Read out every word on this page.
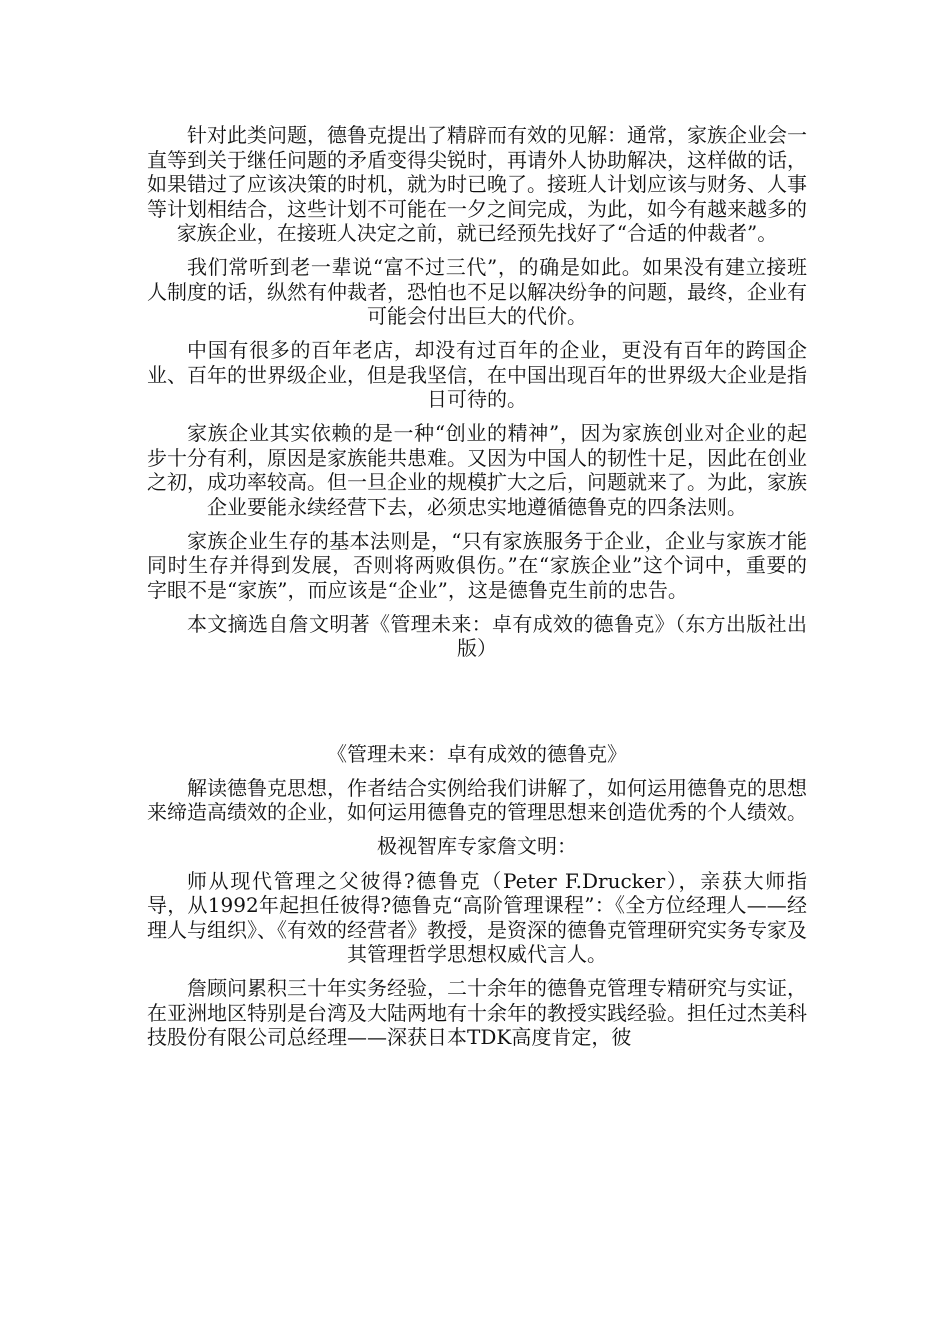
针对此类问题，德鲁克提出了精辟而有效的见解：通常，家族企业会一直等到关于继任问题的矛盾变得尖锐时，再请外人协助解决，这样做的话，如果错过了应该决策的时机，就为时已晚了。接班人计划应该与财务、人事等计划相结合，这些计划不可能在一夕之间完成，为此，如今有越来越多的家族企业，在接班人决定之前，就已经预先找好了“合适的仲裁者”。

我们常听到老一辈说“富不过三代”，的确是如此。如果没有建立接班人制度的话，纵然有仲裁者，恐怕也不足以解决纷争的问题，最终，企业有可能会付出巨大的代价。

中国有很多的百年老店，却没有过百年的企业，更没有百年的跨国企业、百年的世界级企业，但是我坚信，在中国出现百年的世界级大企业是指日可待的。

家族企业其实依赖的是一种“创业的精神”，因为家族创业对企业的起步十分有利，原因是家族能共患难。又因为中国人的韧性十足，因此在创业之初，成功率较高。但一旦企业的规模扩大之后，问题就来了。为此，家族企业要能永续经营下去，必须忠实地遵循德鲁克的四条法则。

家族企业生存的基本法则是，“只有家族服务于企业，企业与家族才能同时生存并得到发展，否则将两败俱伤。”在“家族企业”这个词中，重要的字眼不是“家族”，而应该是“企业”，这是德鲁克生前的忠告。

本文摘选自詹文明著《管理未来：卓有成效的德鲁克》（东方出版社出版）

《管理未来：卓有成效的德鲁克》

解读德鲁克思想，作者结合实例给我们讲解了，如何运用德鲁克的思想来缔造高绩效的企业，如何运用德鲁克的管理思想来创造优秀的个人绩效。

极视智库专家詹文明：

师从现代管理之父彼得?德鲁克（Peter F.Drucker），亲获大师指导，从1992年起担任彼得?德鲁克“高阶管理课程”：《全方位经理人——经理人与组织》、《有效的经营者》教授，是资深的德鲁克管理研究实务专家及其管理哲学思想权威代言人。

詹顾问累积三十年实务经验，二十余年的德鲁克管理专精研究与实证，在亚洲地区特别是台湾及大陆两地有十余年的教授实践经验。担任过杰美科技股份有限公司总经理——深获日本TDK高度肯定，彼
